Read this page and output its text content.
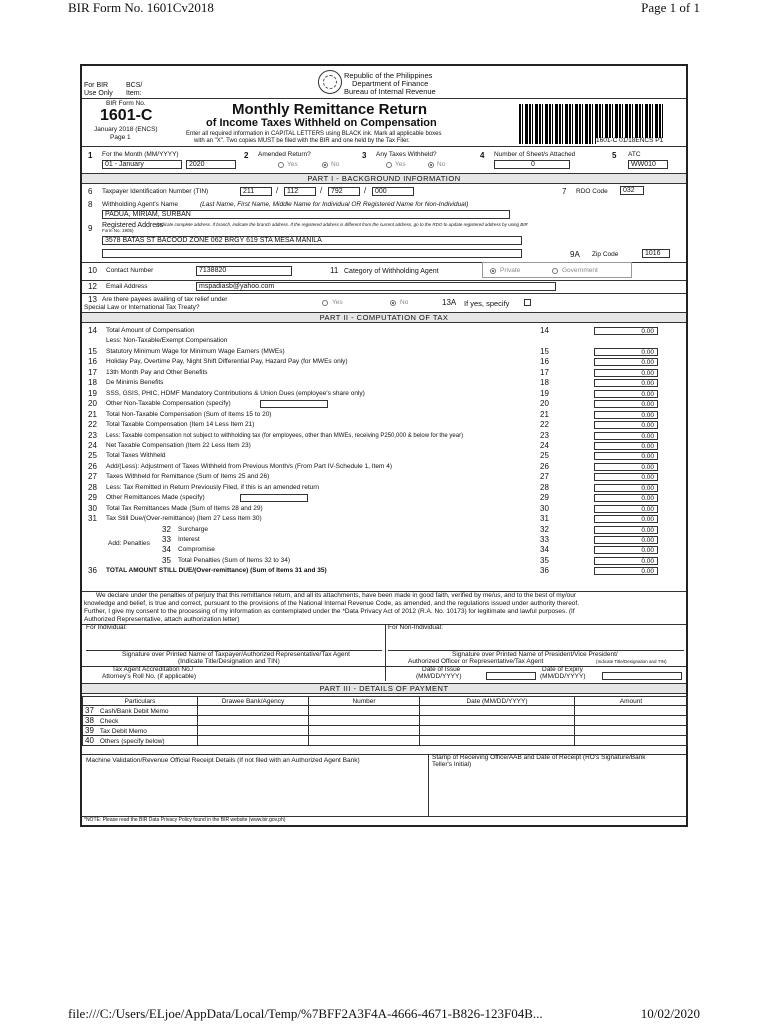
BIR Form No. 1601Cv2018	Page 1 of 1
For BIR
Use Only
BCS/
Item:
Republic of the Philippines
Department of Finance
Bureau of Internal Revenue
BIR Form No.
1601-C
January 2018 (ENCS)
Page 1
Monthly Remittance Return
of Income Taxes Withheld on Compensation
Enter all required information in CAPITAL LETTERS using BLACK ink. Mark all applicable boxes
with an "X". Two copies MUST be filed with the BIR and one held by the Tax Filer.	1601-C 01/18ENCS P1
1 For the Month (MM/YYYY)
01 - January	2020
2 Amended Return?
Yes	No
3 Any Taxes Withheld?
Yes	No
4 Number of Sheet/s Attached
0
5 ATC
WW010
PART I - BACKGROUND INFORMATION
6 Taxpayer Identification Number (TIN)	211	/ 112	/ 792	/ 000	7 RDO Code 032
8 Withholding Agent's Name	(Last Name, First Name, Middle Name for Individual OR Registered Name for Non-Individual)
PADUA, MIRIAM, SURBAN
9 Registered Address
(Indicate complete address. If branch, indicate the branch address. If the registered address is different from the current address, go to the RDO to update registered address by using BIR
Form No. 1905)
3578 BATAS ST BACOOD ZONE 062 BRGY 619 STA MESA MANILA
9A Zip Code	1016
10 Contact Number	7138820	11 Category of Withholding Agent	Private	Government
12 Email Address	mspadiasb@yahoo.com
13 Are there payees availing of tax relief under
Special Law or International Tax Treaty?
Yes	No	13A If yes, specify
PART II - COMPUTATION OF TAX
14 Total Amount of Compensation	14	0.00
Less: Non-Taxable/Exempt Compensation
15 Statutory Minimum Wage for Minimum Wage Earners (MWEs)	15	0.00
16 Holiday Pay, Overtime Pay, Night Shift Differential Pay, Hazard Pay (for MWEs only)	16	0.00
17 13th Month Pay and Other Benefits	17	0.00
18 De Minimis Benefits	18	0.00
19 SSS, GSIS, PHIC, HDMF Mandatory Contributions & Union Dues (employee's share only)	19	0.00
20 Other Non-Taxable Compensation (specify)	20	0.00
21 Total Non-Taxable Compensation (Sum of Items 15 to 20)	21	0.00
22 Total Taxable Compensation (Item 14 Less Item 21)	22	0.00
23 Less: Taxable compensation not subject to withholding tax (for employees, other than MWEs, receiving P250,000 & below for the year)	23	0.00
24 Net Taxable Compensation (Item 22 Less Item 23)	24	0.00
25 Total Taxes Withheld	25	0.00
26 Add/(Less): Adjustment of Taxes Withheld from Previous Month/s (From Part IV-Schedule 1, Item 4)	26	0.00
27 Taxes Withheld for Remittance (Sum of Items 25 and 26)	27	0.00
28 Less: Tax Remitted in Return Previously Filed, if this is an amended return	28	0.00
29 Other Remittances Made (specify)	29	0.00
30 Total Tax Remittances Made (Sum of Items 28 and 29)	30	0.00
31 Tax Still Due/(Over-remittance) (Item 27 Less Item 30)	31	0.00
32 Surcharge	32	0.00
33 Interest	33	0.00
34 Compromise	34	0.00
35 Total Penalties (Sum of Items 32 to 34)	35	0.00
36 TOTAL AMOUNT STILL DUE/(Over-remittance) (Sum of Items 31 and 35)	36	0.00
Add: Penalties
We declare under the penalties of perjury that this remittance return, and all its attachments, have been made in good faith, verified by me/us, and to the best of my/our
knowledge and belief, is true and correct, pursuant to the provisions of the National Internal Revenue Code, as amended, and the regulations issued under authority thereof.
Further, I give my consent to the processing of my information as contemplated under the *Data Privacy Act of 2012 (R.A. No. 10173) for legitimate and lawful purposes. (If
Authorized Representative, attach authorization letter)
For Individual:	For Non-Individual:
Signature over Printed Name of Taxpayer/Authorized Representative/Tax Agent
(Indicate Title/Designation and TIN)
Signature over Printed Name of President/Vice President/
Authorized Officer or Representative/Tax Agent	(Indicate Title/Designation and TIN)
Tax Agent Accreditation No./
Attorney's Roll No. (if applicable)
Date of Issue
(MM/DD/YYYY)
Date of Expiry
(MM/DD/YYYY)
PART III - DETAILS OF PAYMENT
Particulars	Drawee Bank/Agency	Number	Date (MM/DD/YYYY)	Amount
37 Cash/Bank Debit Memo				
38 Check				
39 Tax Debit Memo				
40 Others (specify below)				
Machine Validation/Revenue Official Receipt Details (If not filed with an Authorized Agent Bank)	Stamp of Receiving Office/AAB and Date of Receipt (RO's Signature/Bank
Teller's Initial)
*NOTE: Please read the BIR Data Privacy Policy found in the BIR website (www.bir.gov.ph)
file:///C:/Users/ELjoe/AppData/Local/Temp/%7BFF2A3F4A-4666-4671-B826-123F04B...	10/02/2020
